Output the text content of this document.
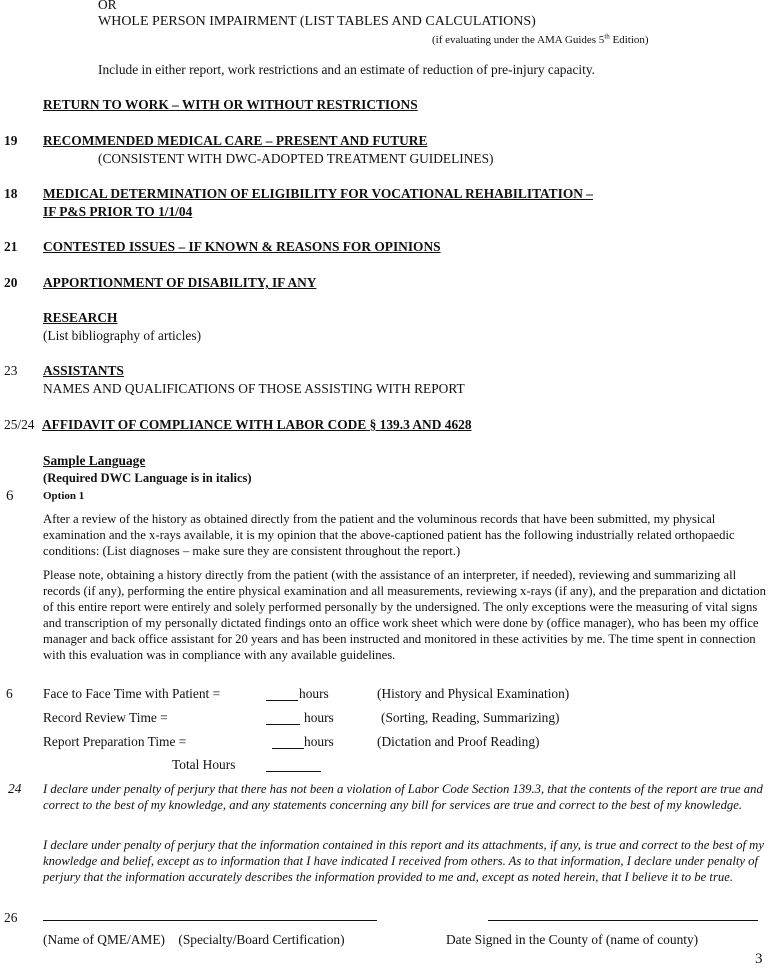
OR
WHOLE PERSON IMPAIRMENT (LIST TABLES AND CALCULATIONS)
(if evaluating under the AMA Guides 5th Edition)
Include in either report, work restrictions and an estimate of reduction of pre-injury capacity.
RETURN TO WORK – WITH OR WITHOUT RESTRICTIONS
19 RECOMMENDED MEDICAL CARE – PRESENT AND FUTURE
(CONSISTENT WITH DWC-ADOPTED TREATMENT GUIDELINES)
18 MEDICAL DETERMINATION OF ELIGIBILITY FOR VOCATIONAL REHABILITATION –
IF P&S PRIOR TO 1/1/04
21 CONTESTED ISSUES – IF KNOWN & REASONS FOR OPINIONS
20 APPORTIONMENT OF DISABILITY, IF ANY
RESEARCH
(List bibliography of articles)
23 ASSISTANTS
NAMES AND QUALIFICATIONS OF THOSE ASSISTING WITH REPORT
25/24 AFFIDAVIT OF COMPLIANCE WITH LABOR CODE § 139.3 AND 4628
Sample Language
(Required DWC Language is in italics)
6	Option 1
After a review of the history as obtained directly from the patient and the voluminous records that have been submitted, my physical examination and the x-rays available, it is my opinion that the above-captioned patient has the following industrially related orthopaedic conditions: (List diagnoses – make sure they are consistent throughout the report.)
Please note, obtaining a history directly from the patient (with the assistance of an interpreter, if needed), reviewing and summarizing all records (if any), performing the entire physical examination and all measurements, reviewing x-rays (if any), and the preparation and dictation of this entire report were entirely and solely performed personally by the undersigned. The only exceptions were the measuring of vital signs and transcription of my personally dictated findings onto an office work sheet which were done by (office manager), who has been my office manager and back office assistant for 20 years and has been instructed and monitored in these activities by me. The time spent in connection with this evaluation was in compliance with any available guidelines.
6 Face to Face Time with Patient =	hours	(History and Physical Examination)
Record Review Time =	hours	(Sorting, Reading, Summarizing)
Report Preparation Time =	hours	(Dictation and Proof Reading)
Total Hours
24 I declare under penalty of perjury that there has not been a violation of Labor Code Section 139.3, that the contents of the report are true and correct to the best of my knowledge, and any statements concerning any bill for services are true and correct to the best of my knowledge.
I declare under penalty of perjury that the information contained in this report and its attachments, if any, is true and correct to the best of my knowledge and belief, except as to information that I have indicated I received from others. As to that information, I declare under penalty of perjury that the information accurately describes the information provided to me and, except as noted herein, that I believe it to be true.
26
(Name of QME/AME)    (Specialty/Board Certification)	Date Signed in the County of (name of county)
3
